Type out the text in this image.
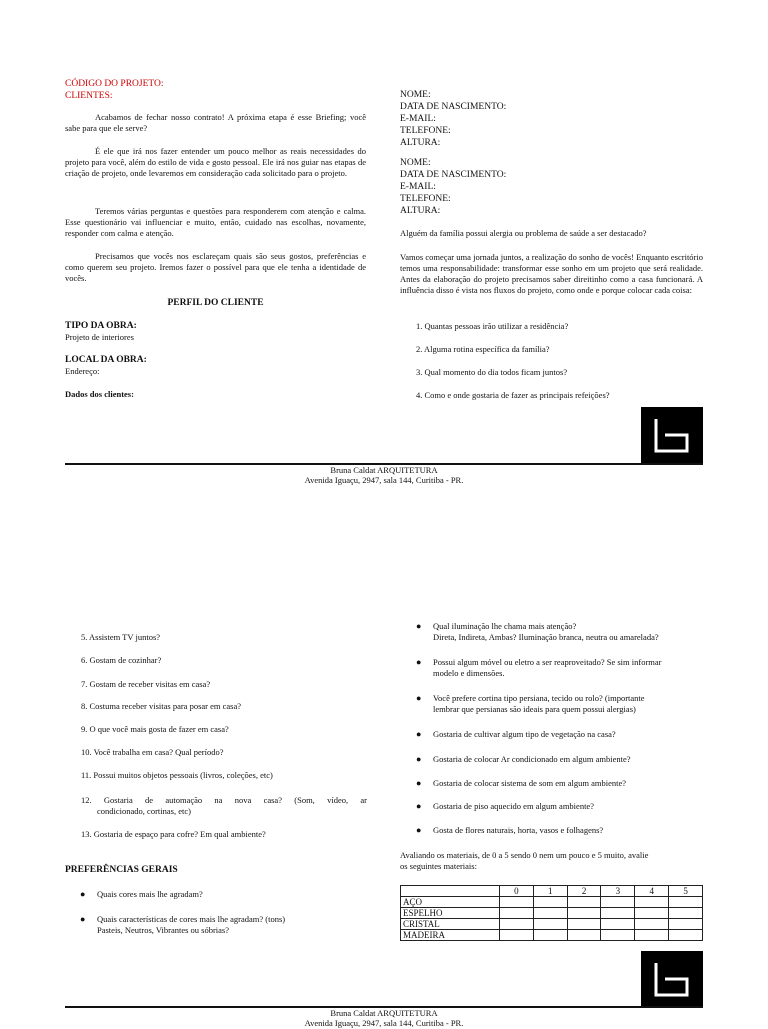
CÓDIGO DO PROJETO:
CLIENTES:
Acabamos de fechar nosso contrato! A próxima etapa é esse Briefing; você sabe para que ele serve?
É ele que irá nos fazer entender um pouco melhor as reais necessidades do projeto para você, além do estilo de vida e gosto pessoal. Ele irá nos guiar nas etapas de criação de projeto, onde levaremos em consideração cada solicitado para o projeto.
Teremos várias perguntas e questões para responderem com atenção e calma. Esse questionário vai influenciar e muito, então, cuidado nas escolhas, novamente, responder com calma e atenção.
Precisamos que vocês nos esclareçam quais são seus gostos, preferências e como querem seu projeto. Iremos fazer o possível para que ele tenha a identidade de vocês.
PERFIL DO CLIENTE
TIPO DA OBRA:
Projeto de interiores
LOCAL DA OBRA:
Endereço:
Dados dos clientes:
NOME:
DATA DE NASCIMENTO:
E-MAIL:
TELEFONE:
ALTURA:
NOME:
DATA DE NASCIMENTO:
E-MAIL:
TELEFONE:
ALTURA:
Alguém da família possui alergia ou problema de saúde a ser destacado?
Vamos começar uma jornada juntos, a realização do sonho de vocês! Enquanto escritório temos uma responsabilidade: transformar esse sonho em um projeto que será realidade. Antes da elaboração do projeto precisamos saber direitinho como a casa funcionará. A influência disso é vista nos fluxos do projeto, como onde e porque colocar cada coisa:
1. Quantas pessoas irão utilizar a residência?
2. Alguma rotina específica da família?
3. Qual momento do dia todos ficam juntos?
4. Como e onde gostaria de fazer as principais refeições?
Bruna Caldat ARQUITETURA
Avenida Iguaçu, 2947, sala 144, Curitiba - PR.
5. Assistem TV juntos?
6. Gostam de cozinhar?
7. Gostam de receber visitas em casa?
8. Costuma receber visitas para posar em casa?
9. O que você mais gosta de fazer em casa?
10. Você trabalha em casa? Qual período?
11. Possui muitos objetos pessoais (livros, coleções, etc)
12. Gostaria de automação na nova casa? (Som, vídeo, ar
condicionado, cortinas, etc)
13. Gostaria de espaço para cofre? Em qual ambiente?
PREFERÊNCIAS GERAIS
● Quais cores mais lhe agradam?
● Quais características de cores mais lhe agradam? (tons)
Pasteis, Neutros, Vibrantes ou sóbrias?
● Qual iluminação lhe chama mais atenção?
Direta, Indireta, Ambas? Iluminação branca, neutra ou amarelada?
● Possui algum móvel ou eletro a ser reaproveitado? Se sim informar
modelo e dimensões.
● Você prefere cortina tipo persiana, tecido ou rolo? (importante
lembrar que persianas são ideais para quem possui alergias)
● Gostaria de cultivar algum tipo de vegetação na casa?
● Gostaria de colocar Ar condicionado em algum ambiente?
● Gostaria de colocar sistema de som em algum ambiente?
● Gostaria de piso aquecido em algum ambiente?
● Gosta de flores naturais, horta, vasos e folhagens?
Avaliando os materiais, de 0 a 5 sendo 0 nem um pouco e 5 muito, avalie
os seguintes materiais:
	0	1	2	3	4	5
AÇO						
ESPELHO						
CRISTAL						
MADEIRA						
Bruna Caldat ARQUITETURA
Avenida Iguaçu, 2947, sala 144, Curitiba - PR.
